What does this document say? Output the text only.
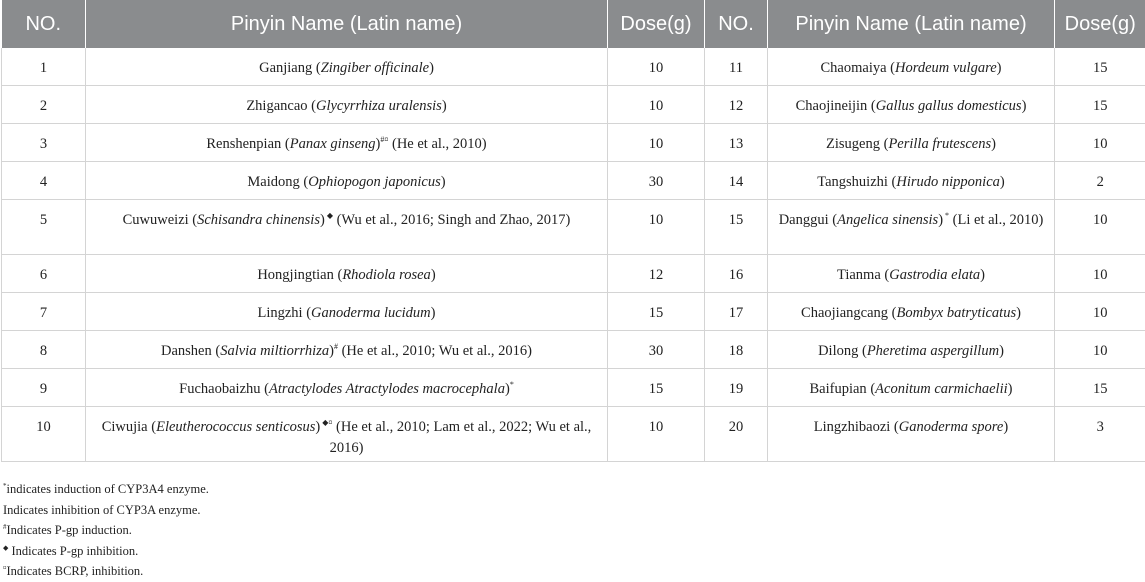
NO.	Pinyin Name (Latin name)	Dose(g)	NO.	Pinyin Name (Latin name)	Dose(g)
1	Ganjiang (Zingiber officinale)	10	11	Chaomaiya (Hordeum vulgare)	15
2	Zhigancao (Glycyrrhiza uralensis)	10	12	Chaojineijin (Gallus gallus domesticus)	15
3	Renshenpian (Panax ginseng)#¤ (He et al., 2010)	10	13	Zisugeng (Perilla frutescens)	10
4	Maidong (Ophiopogon japonicus)	30	14	Tangshuizhi (Hirudo nipponica)	2
5	Cuwuweizi (Schisandra chinensis) ◆ (Wu et al., 2016; Singh and Zhao, 2017)	10	15	Danggui (Angelica sinensis) * (Li et al., 2010)	10
6	Hongjingtian (Rhodiola rosea)	12	16	Tianma (Gastrodia elata)	10
7	Lingzhi (Ganoderma lucidum)	15	17	Chaojiangcang (Bombyx batryticatus)	10
8	Danshen (Salvia miltiorrhiza)# (He et al., 2010; Wu et al., 2016)	30	18	Dilong (Pheretima aspergillum)	10
9	Fuchaobaizhu (Atractylodes Atractylodes macrocephala)*	15	19	Baifupian (Aconitum carmichaelii)	15
10	Ciwujia (Eleutherococcus senticosus) ◆¤ (He et al., 2010; Lam et al., 2022; Wu et al., 2016)	10	20	Lingzhibaozi (Ganoderma spore)	3
*indicates induction of CYP3A4 enzyme.
Indicates inhibition of CYP3A enzyme.
#Indicates P-gp induction.
◆ Indicates P-gp inhibition.
¤Indicates BCRP, inhibition.
